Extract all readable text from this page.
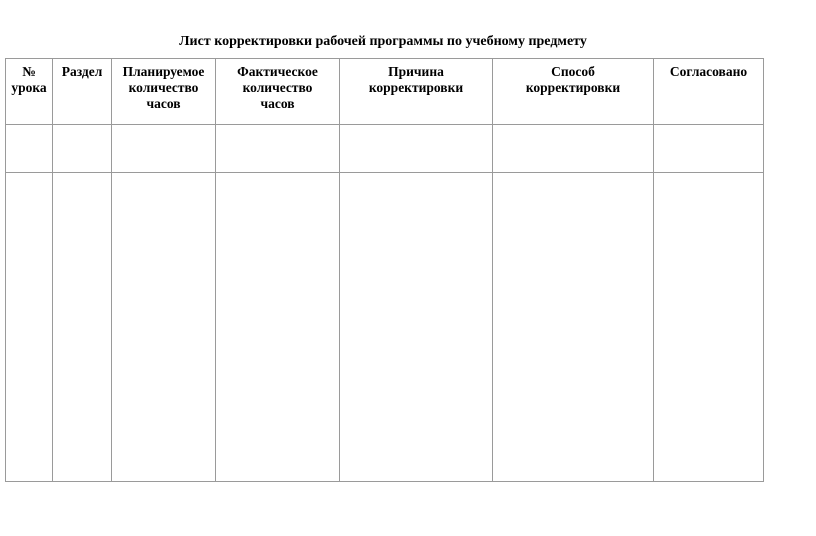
Лист корректировки рабочей программы по учебному предмету
№
урока	Раздел	Планируемое
количество
часов	Фактическое
количество
часов	Причина
корректировки	Способ
корректировки	Согласовано
